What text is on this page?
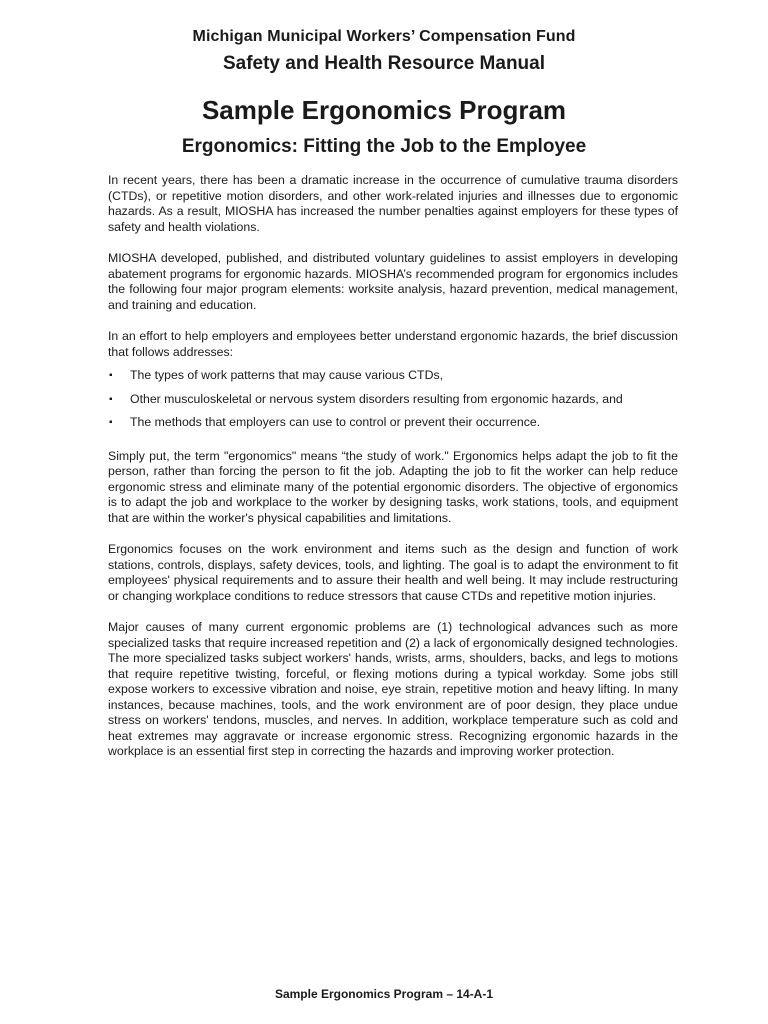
Michigan Municipal Workers’ Compensation Fund
Safety and Health Resource Manual
Sample Ergonomics Program
Ergonomics: Fitting the Job to the Employee

In recent years, there has been a dramatic increase in the occurrence of cumulative trauma disorders (CTDs), or repetitive motion disorders, and other work-related injuries and illnesses due to ergonomic hazards. As a result, MIOSHA has increased the number penalties against employers for these types of safety and health violations.

MIOSHA developed, published, and distributed voluntary guidelines to assist employers in developing abatement programs for ergonomic hazards. MIOSHA’s recommended program for ergonomics includes the following four major program elements: worksite analysis, hazard prevention, medical management, and training and education.

In an effort to help employers and employees better understand ergonomic hazards, the brief discussion that follows addresses:

▪ The types of work patterns that may cause various CTDs,
▪ Other musculoskeletal or nervous system disorders resulting from ergonomic hazards, and
▪ The methods that employers can use to control or prevent their occurrence.

Simply put, the term "ergonomics" means “the study of work." Ergonomics helps adapt the job to fit the person, rather than forcing the person to fit the job. Adapting the job to fit the worker can help reduce ergonomic stress and eliminate many of the potential ergonomic disorders. The objective of ergonomics is to adapt the job and workplace to the worker by designing tasks, work stations, tools, and equipment that are within the worker's physical capabilities and limitations.

Ergonomics focuses on the work environment and items such as the design and function of work stations, controls, displays, safety devices, tools, and lighting. The goal is to adapt the environment to fit employees' physical requirements and to assure their health and well being. It may include restructuring or changing workplace conditions to reduce stressors that cause CTDs and repetitive motion injuries.

Major causes of many current ergonomic problems are (1) technological advances such as more specialized tasks that require increased repetition and (2) a lack of ergonomically designed technologies. The more specialized tasks subject workers' hands, wrists, arms, shoulders, backs, and legs to motions that require repetitive twisting, forceful, or flexing motions during a typical workday. Some jobs still expose workers to excessive vibration and noise, eye strain, repetitive motion and heavy lifting. In many instances, because machines, tools, and the work environment are of poor design, they place undue stress on workers' tendons, muscles, and nerves. In addition, workplace temperature such as cold and heat extremes may aggravate or increase ergonomic stress. Recognizing ergonomic hazards in the workplace is an essential first step in correcting the hazards and improving worker protection.

Sample Ergonomics Program – 14-A-1
